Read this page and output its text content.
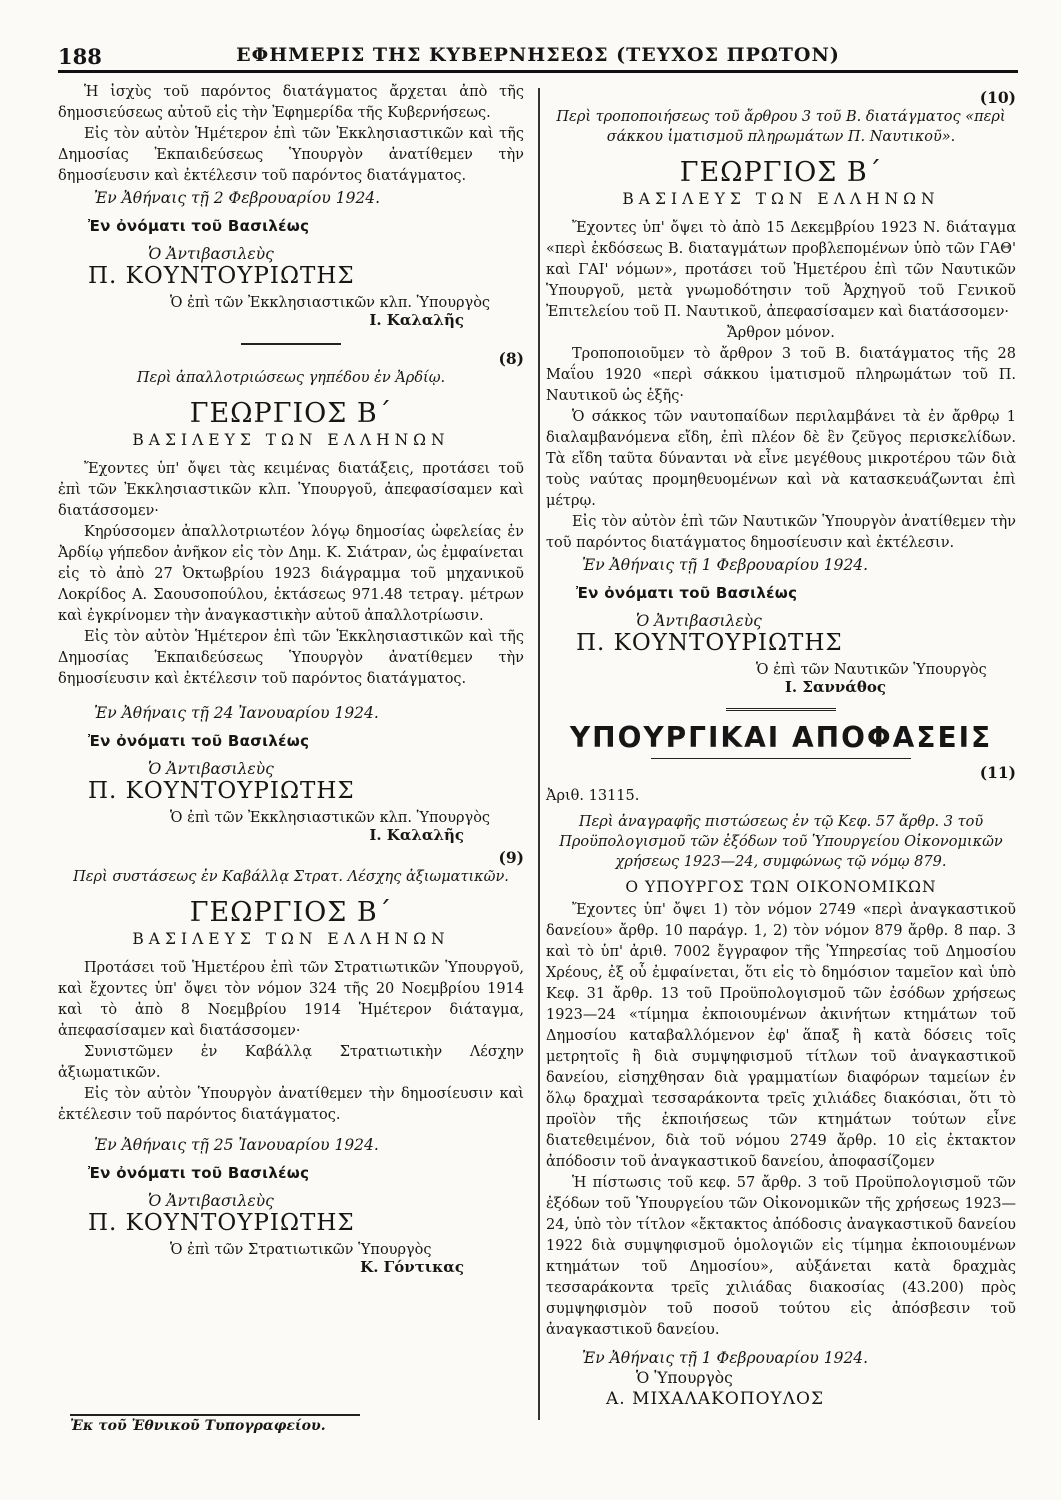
188	ΕΦΗΜΕΡΙΣ ΤΗΣ ΚΥΒΕΡΝΗΣΕΩΣ (ΤΕΥΧΟΣ ΠΡΩΤΟΝ)

Ἡ ἰσχὺς τοῦ παρόντος διατάγματος ἄρχεται ἀπὸ τῆς δημοσιεύσεως αὐτοῦ εἰς τὴν Ἐφημερίδα τῆς Κυβερνήσεως.

Εἰς τὸν αὐτὸν Ἡμέτερον ἐπὶ τῶν Ἐκκλησιαστικῶν καὶ τῆς Δημοσίας Ἐκπαιδεύσεως Ὑπουργὸν ἀνατίθεμεν τὴν δημοσίευσιν καὶ ἐκτέλεσιν τοῦ παρόντος διατάγματος.

Ἐν Ἀθήναις τῇ 2 Φεβρουαρίου 1924.
Ἐν ὀνόματι τοῦ Βασιλέως
Ὁ Ἀντιβασιλεὺς
Π. ΚΟΥΝΤΟΥΡΙΩΤΗΣ
Ὁ ἐπὶ τῶν Ἐκκλησιαστικῶν κλπ. Ὑπουργὸς
Ι. Καλαλῆς
(8)
Περὶ ἀπαλλοτριώσεως γηπέδου ἐν Ἀρδίῳ.
ΓΕΩΡΓΙΟΣ Β΄
ΒΑΣΙΛΕΥΣ ΤΩΝ ΕΛΛΗΝΩΝ

Ἔχοντες ὑπ' ὄψει τὰς κειμένας διατάξεις, προτάσει τοῦ ἐπὶ τῶν Ἐκκλησιαστικῶν κλπ. Ὑπουργοῦ, ἀπεφασίσαμεν καὶ διατάσσομεν·

Κηρύσσομεν ἀπαλλοτριωτέον λόγῳ δημοσίας ὠφελείας ἐν Ἀρδίῳ γήπεδον ἀνῆκον εἰς τὸν Δημ. Κ. Σιάτραν, ὡς ἐμφαίνεται εἰς τὸ ἀπὸ 27 Ὀκτωβρίου 1923 διάγραμμα τοῦ μηχανικοῦ Λοκρίδος Α. Σαουσοπούλου, ἐκτάσεως 971.48 τετραγ. μέτρων καὶ ἐγκρίνομεν τὴν ἀναγκαστικὴν αὐτοῦ ἀπαλλοτρίωσιν.

Εἰς τὸν αὐτὸν Ἡμέτερον ἐπὶ τῶν Ἐκκλησιαστικῶν καὶ τῆς Δημοσίας Ἐκπαιδεύσεως Ὑπουργὸν ἀνατίθεμεν τὴν δημοσίευσιν καὶ ἐκτέλεσιν τοῦ παρόντος διατάγματος.

Ἐν Ἀθήναις τῇ 24 Ἰανουαρίου 1924.
Ἐν ὀνόματι τοῦ Βασιλέως
Ὁ Ἀντιβασιλεὺς
Π. ΚΟΥΝΤΟΥΡΙΩΤΗΣ
Ὁ ἐπὶ τῶν Ἐκκλησιαστικῶν κλπ. Ὑπουργὸς
Ι. Καλαλῆς
(9)
Περὶ συστάσεως ἐν Καβάλλᾳ Στρατ. Λέσχης ἀξιωματικῶν.
ΓΕΩΡΓΙΟΣ Β΄
ΒΑΣΙΛΕΥΣ ΤΩΝ ΕΛΛΗΝΩΝ

Προτάσει τοῦ Ἡμετέρου ἐπὶ τῶν Στρατιωτικῶν Ὑπουργοῦ, καὶ ἔχοντες ὑπ' ὄψει τὸν νόμον 324 τῆς 20 Νοεμβρίου 1914 καὶ τὸ ἀπὸ 8 Νοεμβρίου 1914 Ἡμέτερον διάταγμα, ἀπεφασίσαμεν καὶ διατάσσομεν·

Συνιστῶμεν ἐν Καβάλλᾳ Στρατιωτικὴν Λέσχην ἀξιωματικῶν.

Εἰς τὸν αὐτὸν Ὑπουργὸν ἀνατίθεμεν τὴν δημοσίευσιν καὶ ἐκτέλεσιν τοῦ παρόντος διατάγματος.

Ἐν Ἀθήναις τῇ 25 Ἰανουαρίου 1924.
Ἐν ὀνόματι τοῦ Βασιλέως
Ὁ Ἀντιβασιλεὺς
Π. ΚΟΥΝΤΟΥΡΙΩΤΗΣ
Ὁ ἐπὶ τῶν Στρατιωτικῶν Ὑπουργὸς
Κ. Γόντικας
(10)
Περὶ τροποποιήσεως τοῦ ἄρθρου 3 τοῦ Β. διατάγματος «περὶ σάκκου ἱματισμοῦ πληρωμάτων Π. Ναυτικοῦ».
ΓΕΩΡΓΙΟΣ Β΄
ΒΑΣΙΛΕΥΣ ΤΩΝ ΕΛΛΗΝΩΝ

Ἔχοντες ὑπ' ὄψει τὸ ἀπὸ 15 Δεκεμβρίου 1923 Ν. διάταγμα «περὶ ἐκδόσεως Β. διαταγμάτων προβλεπομένων ὑπὸ τῶν ΓΑΘ' καὶ ΓΑΙ' νόμων», προτάσει τοῦ Ἡμετέρου ἐπὶ τῶν Ναυτικῶν Ὑπουργοῦ, μετὰ γνωμοδότησιν τοῦ Ἀρχηγοῦ τοῦ Γενικοῦ Ἐπιτελείου τοῦ Π. Ναυτικοῦ, ἀπεφασίσαμεν καὶ διατάσσομεν·

Ἄρθρον μόνον.

Τροποποιοῦμεν τὸ ἄρθρον 3 τοῦ Β. διατάγματος τῆς 28 Μαΐου 1920 «περὶ σάκκου ἱματισμοῦ πληρωμάτων τοῦ Π. Ναυτικοῦ ὡς ἑξῆς·

Ὁ σάκκος τῶν ναυτοπαίδων περιλαμβάνει τὰ ἐν ἄρθρῳ 1 διαλαμβανόμενα εἴδη, ἐπὶ πλέον δὲ ἓν ζεῦγος περισκελίδων. Τὰ εἴδη ταῦτα δύνανται νὰ εἶνε μεγέθους μικροτέρου τῶν διὰ τοὺς ναύτας προμηθευομένων καὶ νὰ κατασκευάζωνται ἐπὶ μέτρῳ.

Εἰς τὸν αὐτὸν ἐπὶ τῶν Ναυτικῶν Ὑπουργὸν ἀνατίθεμεν τὴν τοῦ παρόντος διατάγματος δημοσίευσιν καὶ ἐκτέλεσιν.

Ἐν Ἀθήναις τῇ 1 Φεβρουαρίου 1924.
Ἐν ὀνόματι τοῦ Βασιλέως
Ὁ Ἀντιβασιλεὺς
Π. ΚΟΥΝΤΟΥΡΙΩΤΗΣ
Ὁ ἐπὶ τῶν Ναυτικῶν Ὑπουργὸς
Ι. Σαννάθος
ΥΠΟΥΡΓΙΚΑΙ ΑΠΟΦΑΣΕΙΣ
(11)
Ἀριθ. 13115.
Περὶ ἀναγραφῆς πιστώσεως ἐν τῷ Κεφ. 57 ἄρθρ. 3 τοῦ Προϋπολογισμοῦ τῶν ἐξόδων τοῦ Ὑπουργείου Οἰκονομικῶν χρήσεως 1923—24, συμφώνως τῷ νόμῳ 879.
Ο ΥΠΟΥΡΓΟΣ ΤΩΝ ΟΙΚΟΝΟΜΙΚΩΝ

Ἔχοντες ὑπ' ὄψει 1) τὸν νόμον 2749 «περὶ ἀναγκαστικοῦ δανείου» ἄρθρ. 10 παράγρ. 1, 2) τὸν νόμον 879 ἄρθρ. 8 παρ. 3 καὶ τὸ ὑπ' ἀριθ. 7002 ἔγγραφον τῆς Ὑπηρεσίας τοῦ Δημοσίου Χρέους, ἐξ οὗ ἐμφαίνεται, ὅτι εἰς τὸ δημόσιον ταμεῖον καὶ ὑπὸ Κεφ. 31 ἄρθρ. 13 τοῦ Προϋπολογισμοῦ τῶν ἐσόδων χρήσεως 1923—24 «τίμημα ἐκποιουμένων ἀκινήτων κτημάτων τοῦ Δημοσίου καταβαλλόμενον ἐφ' ἅπαξ ἢ κατὰ δόσεις τοῖς μετρητοῖς ἢ διὰ συμψηφισμοῦ τίτλων τοῦ ἀναγκαστικοῦ δανείου, εἰσηχθησαν διὰ γραμματίων διαφόρων ταμείων ἐν ὅλῳ δραχμαὶ τεσσαράκοντα τρεῖς χιλιάδες διακόσιαι, ὅτι τὸ προϊὸν τῆς ἐκποιήσεως τῶν κτημάτων τούτων εἶνε διατεθειμένον, διὰ τοῦ νόμου 2749 ἄρθρ. 10 εἰς ἐκτακτον ἀπόδοσιν τοῦ ἀναγκαστικοῦ δανείου, ἀποφασίζομεν

Ἡ πίστωσις τοῦ κεφ. 57 ἄρθρ. 3 τοῦ Προϋπολογισμοῦ τῶν ἐξόδων τοῦ Ὑπουργείου τῶν Οἰκονομικῶν τῆς χρήσεως 1923—24, ὑπὸ τὸν τίτλον «ἔκτακτος ἀπόδοσις ἀναγκαστικοῦ δανείου 1922 διὰ συμψηφισμοῦ ὁμολογιῶν εἰς τίμημα ἐκποιουμένων κτημάτων τοῦ Δημοσίου», αὐξάνεται κατὰ δραχμὰς τεσσαράκοντα τρεῖς χιλιάδας διακοσίας (43.200) πρὸς συμψηφισμὸν τοῦ ποσοῦ τούτου εἰς ἀπόσβεσιν τοῦ ἀναγκαστικοῦ δανείου.

Ἐν Ἀθήναις τῇ 1 Φεβρουαρίου 1924.
Ὁ Ὑπουργὸς
Α. ΜΙΧΑΛΑΚΟΠΟΥΛΟΣ
Ἐκ τοῦ Ἐθνικοῦ Τυπογραφείου.
